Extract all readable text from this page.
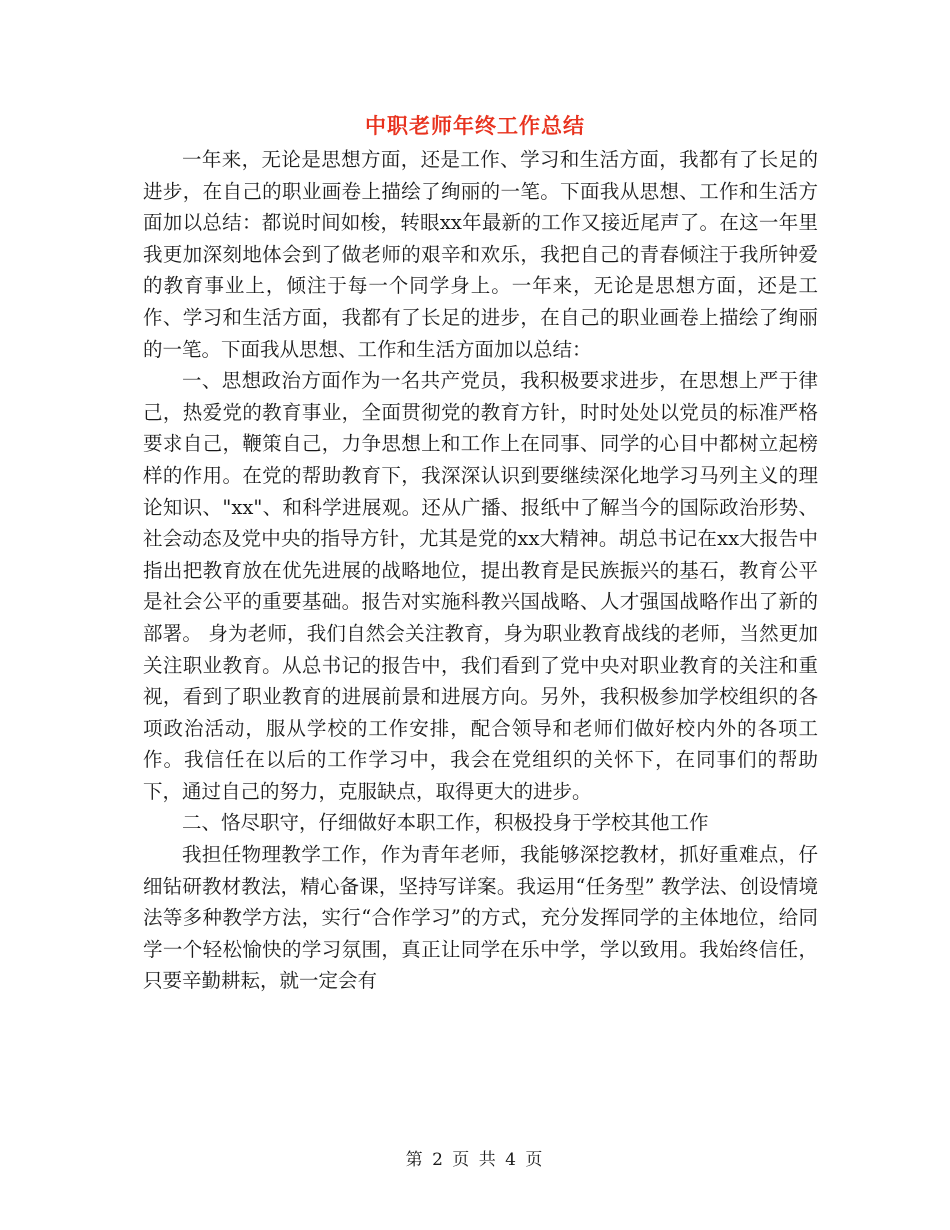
中职老师年终工作总结

一年来，无论是思想方面，还是工作、学习和生活方面，我都有了长足的进步，在自己的职业画卷上描绘了绚丽的一笔。下面我从思想、工作和生活方面加以总结：都说时间如梭，转眼xx年最新的工作又接近尾声了。在这一年里我更加深刻地体会到了做老师的艰辛和欢乐，我把自己的青春倾注于我所钟爱的教育事业上，倾注于每一个同学身上。一年来，无论是思想方面，还是工作、学习和生活方面，我都有了长足的进步，在自己的职业画卷上描绘了绚丽的一笔。下面我从思想、工作和生活方面加以总结：

一、思想政治方面作为一名共产党员，我积极要求进步，在思想上严于律己，热爱党的教育事业，全面贯彻党的教育方针，时时处处以党员的标准严格要求自己，鞭策自己，力争思想上和工作上在同事、同学的心目中都树立起榜样的作用。在党的帮助教育下，我深深认识到要继续深化地学习马列主义的理论知识、"xx"、和科学进展观。还从广播、报纸中了解当今的国际政治形势、社会动态及党中央的指导方针，尤其是党的xx大精神。胡总书记在xx大报告中指出把教育放在优先进展的战略地位，提出教育是民族振兴的基石，教育公平是社会公平的重要基础。报告对实施科教兴国战略、人才强国战略作出了新的部署。 身为老师，我们自然会关注教育，身为职业教育战线的老师，当然更加关注职业教育。从总书记的报告中，我们看到了党中央对职业教育的关注和重视，看到了职业教育的进展前景和进展方向。另外，我积极参加学校组织的各项政治活动，服从学校的工作安排，配合领导和老师们做好校内外的各项工作。我信任在以后的工作学习中，我会在党组织的关怀下，在同事们的帮助下，通过自己的努力，克服缺点，取得更大的进步。

二、恪尽职守，仔细做好本职工作，积极投身于学校其他工作

我担任物理教学工作，作为青年老师，我能够深挖教材，抓好重难点，仔细钻研教材教法，精心备课，坚持写详案。我运用“任务型” 教学法、创设情境法等多种教学方法，实行“合作学习”的方式，充分发挥同学的主体地位，给同学一个轻松愉快的学习氛围，真正让同学在乐中学，学以致用。我始终信任，只要辛勤耕耘，就一定会有

第 2 页 共 4 页
